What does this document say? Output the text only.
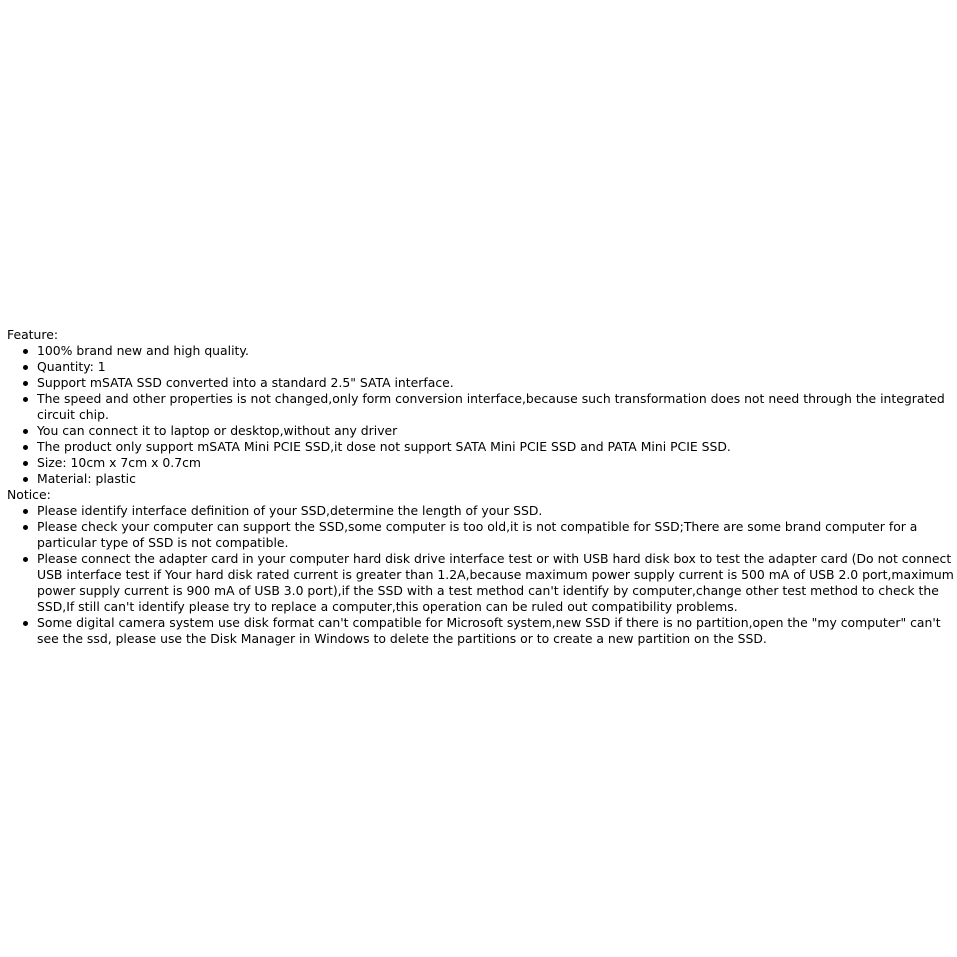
Feature:
100% brand new and high quality.
Quantity: 1
Support mSATA SSD converted into a standard 2.5" SATA interface.
The speed and other properties is not changed,only form conversion interface,because such transformation does not need through the integrated circuit chip.
You can connect it to laptop or desktop,without any driver
The product only support mSATA Mini PCIE SSD,it dose not support SATA Mini PCIE SSD and PATA Mini PCIE SSD.
Size: 10cm x 7cm x 0.7cm
Material: plastic
Notice:
Please identify interface definition of your SSD,determine the length of your SSD.
Please check your computer can support the SSD,some computer is too old,it is not compatible for SSD;There are some brand computer for a particular type of SSD is not compatible.
Please connect the adapter card in your computer hard disk drive interface test or with USB hard disk box to test the adapter card (Do not connect USB interface test if Your hard disk rated current is greater than 1.2A,because maximum power supply current is 500 mA of USB 2.0 port,maximum power supply current is 900 mA of USB 3.0 port),if the SSD with a test method can't identify by computer,change other test method to check the SSD,If still can't identify please try to replace a computer,this operation can be ruled out compatibility problems.
Some digital camera system use disk format can't compatible for Microsoft system,new SSD if there is no partition,open the "my computer" can't see the ssd, please use the Disk Manager in Windows to delete the partitions or to create a new partition on the SSD.
